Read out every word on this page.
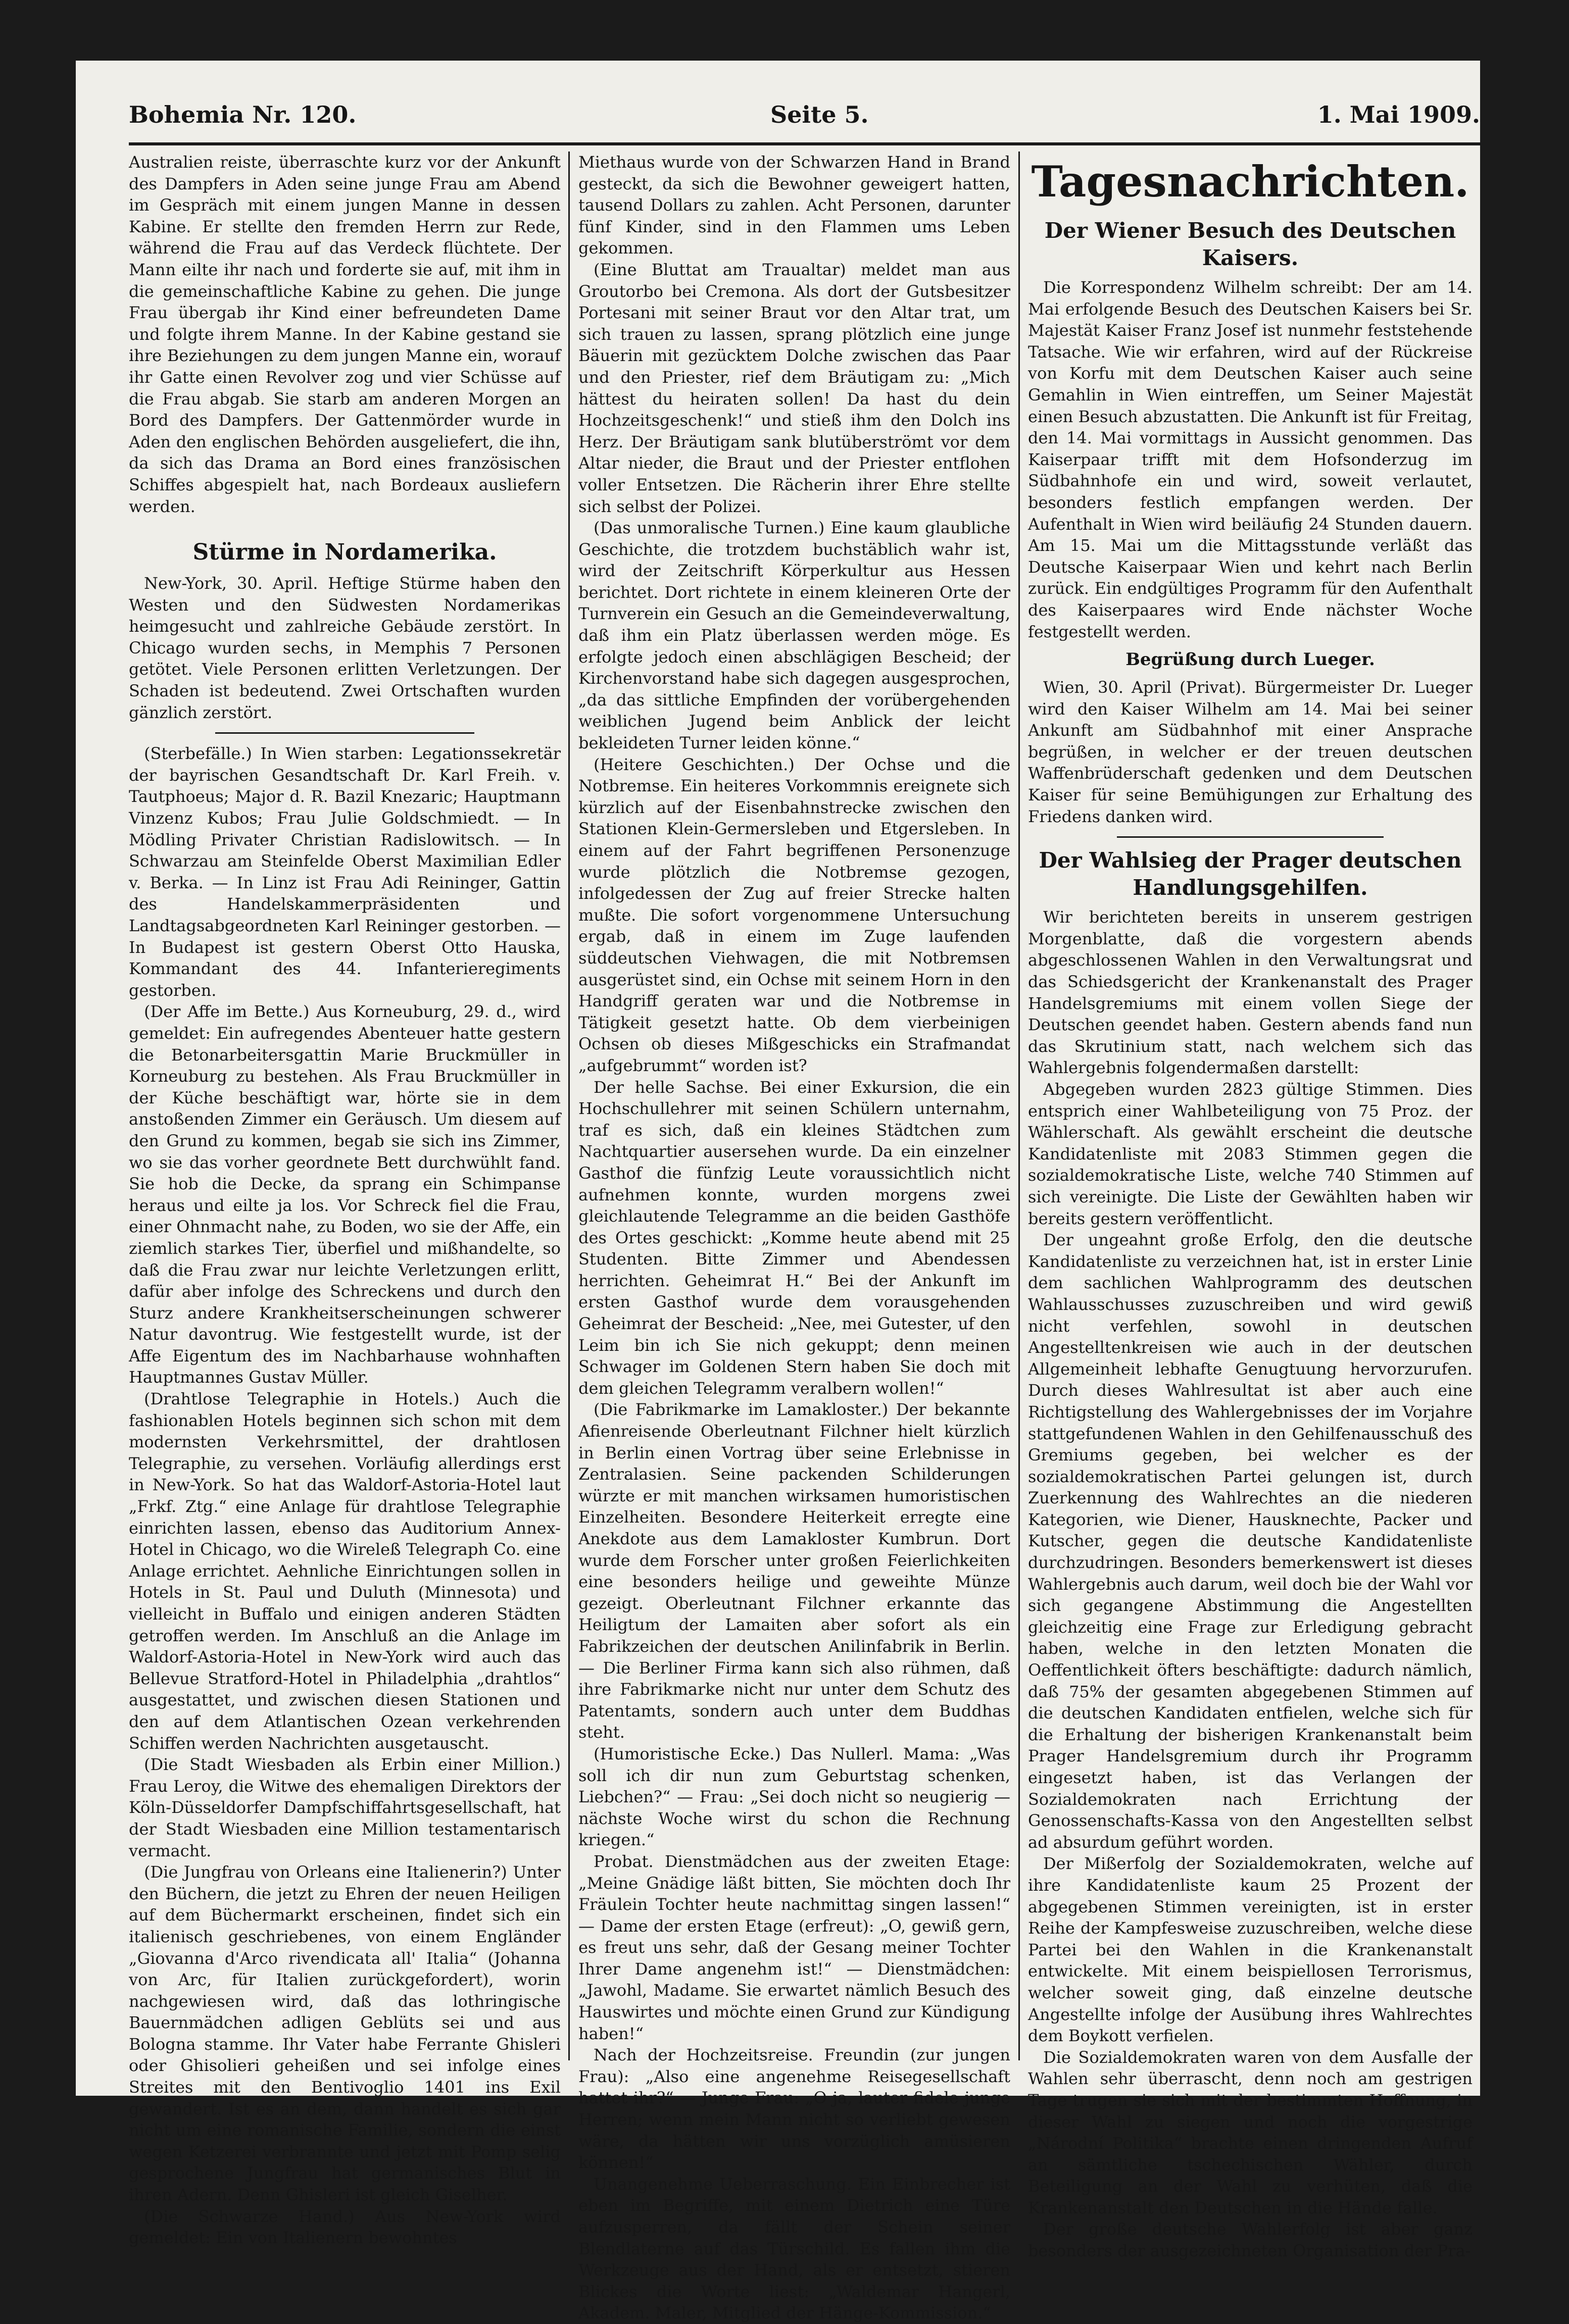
Bohemia Nr. 120.	Seite 5.	1. Mai 1909.

Australien reiste, überraschte kurz vor der Ankunft des Dampfers in Aden seine junge Frau am Abend im Gespräch mit einem jungen Manne in dessen Kabine. Er stellte den fremden Herrn zur Rede, während die Frau auf das Verdeck flüchtete. Der Mann eilte ihr nach und forderte sie auf, mit ihm in die gemeinschaftliche Kabine zu gehen. Die junge Frau übergab ihr Kind einer befreundeten Dame und folgte ihrem Manne. In der Kabine gestand sie ihre Beziehungen zu dem jungen Manne ein, worauf ihr Gatte einen Revolver zog und vier Schüsse auf die Frau abgab. Sie starb am anderen Morgen an Bord des Dampfers. Der Gattenmörder wurde in Aden den englischen Behörden ausgeliefert, die ihn, da sich das Drama an Bord eines französischen Schiffes abgespielt hat, nach Bordeaux ausliefern werden.

Stürme in Nordamerika.

New-York, 30. April. Heftige Stürme haben den Westen und den Südwesten Nordamerikas heimgesucht und zahlreiche Gebäude zerstört. In Chicago wurden sechs, in Memphis 7 Personen getötet. Viele Personen erlitten Verletzungen. Der Schaden ist bedeutend. Zwei Ortschaften wurden gänzlich zerstört.

(Sterbefälle.) In Wien starben: Legationssekretär der bayrischen Gesandtschaft Dr. Karl Freih. v. Tautphoeus; Major d. R. Bazil Knezaric; Hauptmann Vinzenz Kubos; Frau Julie Goldschmiedt. — In Mödling Privater Christian Radislowitsch. — In Schwarzau am Steinfelde Oberst Maximilian Edler v. Berka. — In Linz ist Frau Adi Reininger, Gattin des Handelskammerpräsidenten und Landtagsabgeordneten Karl Reininger gestorben. — In Budapest ist gestern Oberst Otto Hauska, Kommandant des 44. Infanterieregiments gestorben.

(Der Affe im Bette.) Aus Korneuburg, 29. d., wird gemeldet: Ein aufregendes Abenteuer hatte gestern die Betonarbeitersgattin Marie Bruckmüller in Korneuburg zu bestehen. Als Frau Bruckmüller in der Küche beschäftigt war, hörte sie in dem anstoßenden Zimmer ein Geräusch. Um diesem auf den Grund zu kommen, begab sie sich ins Zimmer, wo sie das vorher geordnete Bett durchwühlt fand. Sie hob die Decke, da sprang ein Schimpanse heraus und eilte ja los. Vor Schreck fiel die Frau, einer Ohnmacht nahe, zu Boden, wo sie der Affe, ein ziemlich starkes Tier, überfiel und mißhandelte, so daß die Frau zwar nur leichte Verletzungen erlitt, dafür aber infolge des Schreckens und durch den Sturz andere Krankheitserscheinungen schwerer Natur davontrug. Wie festgestellt wurde, ist der Affe Eigentum des im Nachbarhause wohnhaften Hauptmannes Gustav Müller.

(Drahtlose Telegraphie in Hotels.) Auch die fashionablen Hotels beginnen sich schon mit dem modernsten Verkehrsmittel, der drahtlosen Telegraphie, zu versehen. Vorläufig allerdings erst in New-York. So hat das Waldorf-Astoria-Hotel laut „Frkf. Ztg.“ eine Anlage für drahtlose Telegraphie einrichten lassen, ebenso das Auditorium Annex-Hotel in Chicago, wo die Wireleß Telegraph Co. eine Anlage errichtet. Aehnliche Einrichtungen sollen in Hotels in St. Paul und Duluth (Minnesota) und vielleicht in Buffalo und einigen anderen Städten getroffen werden. Im Anschluß an die Anlage im Waldorf-Astoria-Hotel in New-York wird auch das Bellevue Stratford-Hotel in Philadelphia „drahtlos“ ausgestattet, und zwischen diesen Stationen und den auf dem Atlantischen Ozean verkehrenden Schiffen werden Nachrichten ausgetauscht.

(Die Stadt Wiesbaden als Erbin einer Million.) Frau Leroy, die Witwe des ehemaligen Direktors der Köln-Düsseldorfer Dampfschiffahrtsgesellschaft, hat der Stadt Wiesbaden eine Million testamentarisch vermacht.

(Die Jungfrau von Orleans eine Italienerin?) Unter den Büchern, die jetzt zu Ehren der neuen Heiligen auf dem Büchermarkt erscheinen, findet sich ein italienisch geschriebenes, von einem Engländer „Giovanna d'Arco rivendicata all' Italia“ (Johanna von Arc, für Italien zurückgefordert), worin nachgewiesen wird, daß das lothringische Bauernmädchen adligen Geblüts sei und aus Bologna stamme. Ihr Vater habe Ferrante Ghisleri oder Ghisolieri geheißen und sei infolge eines Streites mit den Bentivoglio 1401 ins Exil gewandert. Ist es an dem, dann handelt es sich gar nicht um eine romanische Familie, sondern die einst wegen Ketzerei verbrannte und jetzt mit Pomp selig gesprochene Jungfrau hat germanisches Blut in ihren Adern. Denn Ghisleri ist gleich Giselher.

(Die Schwarze Hand.) Aus New-York wird gemeldet: Ein von Italienern bewohntes

Miethaus wurde von der Schwarzen Hand in Brand gesteckt, da sich die Bewohner geweigert hatten, tausend Dollars zu zahlen. Acht Personen, darunter fünf Kinder, sind in den Flammen ums Leben gekommen.

(Eine Bluttat am Traualtar) meldet man aus Groutorbo bei Cremona. Als dort der Gutsbesitzer Portesani mit seiner Braut vor den Altar trat, um sich trauen zu lassen, sprang plötzlich eine junge Bäuerin mit gezücktem Dolche zwischen das Paar und den Priester, rief dem Bräutigam zu: „Mich hättest du heiraten sollen! Da hast du dein Hochzeitsgeschenk!“ und stieß ihm den Dolch ins Herz. Der Bräutigam sank blutüberströmt vor dem Altar nieder, die Braut und der Priester entflohen voller Entsetzen. Die Rächerin ihrer Ehre stellte sich selbst der Polizei.

(Das unmoralische Turnen.) Eine kaum glaubliche Geschichte, die trotzdem buchstäblich wahr ist, wird der Zeitschrift Körperkultur aus Hessen berichtet. Dort richtete in einem kleineren Orte der Turnverein ein Gesuch an die Gemeindeverwaltung, daß ihm ein Platz überlassen werden möge. Es erfolgte jedoch einen abschlägigen Bescheid; der Kirchenvorstand habe sich dagegen ausgesprochen, „da das sittliche Empfinden der vorübergehenden weiblichen Jugend beim Anblick der leicht bekleideten Turner leiden könne.“

(Heitere Geschichten.) Der Ochse und die Notbremse. Ein heiteres Vorkommnis ereignete sich kürzlich auf der Eisenbahnstrecke zwischen den Stationen Klein-Germersleben und Etgersleben. In einem auf der Fahrt begriffenen Personenzuge wurde plötzlich die Notbremse gezogen, infolgedessen der Zug auf freier Strecke halten mußte. Die sofort vorgenommene Untersuchung ergab, daß in einem im Zuge laufenden süddeutschen Viehwagen, die mit Notbremsen ausgerüstet sind, ein Ochse mit seinem Horn in den Handgriff geraten war und die Notbremse in Tätigkeit gesetzt hatte. Ob dem vierbeinigen Ochsen ob dieses Mißgeschicks ein Strafmandat „aufgebrummt“ worden ist?

Der helle Sachse. Bei einer Exkursion, die ein Hochschullehrer mit seinen Schülern unternahm, traf es sich, daß ein kleines Städtchen zum Nachtquartier ausersehen wurde. Da ein einzelner Gasthof die fünfzig Leute voraussichtlich nicht aufnehmen konnte, wurden morgens zwei gleichlautende Telegramme an die beiden Gasthöfe des Ortes geschickt: „Komme heute abend mit 25 Studenten. Bitte Zimmer und Abendessen herrichten. Geheimrat H.“ Bei der Ankunft im ersten Gasthof wurde dem vorausgehenden Geheimrat der Bescheid: „Nee, mei Gutester, uf den Leim bin ich Sie nich gekuppt; denn meinen Schwager im Goldenen Stern haben Sie doch mit dem gleichen Telegramm veralbern wollen!“

(Die Fabrikmarke im Lamakloster.) Der bekannte Afienreisende Oberleutnant Filchner hielt kürzlich in Berlin einen Vortrag über seine Erlebnisse in Zentralasien. Seine packenden Schilderungen würzte er mit manchen wirksamen humoristischen Einzelheiten. Besondere Heiterkeit erregte eine Anekdote aus dem Lamakloster Kumbrun. Dort wurde dem Forscher unter großen Feierlichkeiten eine besonders heilige und geweihte Münze gezeigt. Oberleutnant Filchner erkannte das Heiligtum der Lamaiten aber sofort als ein Fabrikzeichen der deutschen Anilinfabrik in Berlin. — Die Berliner Firma kann sich also rühmen, daß ihre Fabrikmarke nicht nur unter dem Schutz des Patentamts, sondern auch unter dem Buddhas steht.

(Humoristische Ecke.) Das Nullerl. Mama: „Was soll ich dir nun zum Geburtstag schenken, Liebchen?“ — Frau: „Sei doch nicht so neugierig — nächste Woche wirst du schon die Rechnung kriegen.“

Probat. Dienstmädchen aus der zweiten Etage: „Meine Gnädige läßt bitten, Sie möchten doch Ihr Fräulein Tochter heute nachmittag singen lassen!“ — Dame der ersten Etage (erfreut): „O, gewiß gern, es freut uns sehr, daß der Gesang meiner Tochter Ihrer Dame angenehm ist!“ — Dienstmädchen: „Jawohl, Madame. Sie erwartet nämlich Besuch des Hauswirtes und möchte einen Grund zur Kündigung haben!“

Nach der Hochzeitsreise. Freundin (zur jungen Frau): „Also eine angenehme Reisegesellschaft hattet ihr?“ — Junge Frau: „O ja, lauter fidele junge Herren; wenn mein Mann nicht so verliebt gewesen wäre, da hätten wir uns vorzüglich amüsieren können!“

Unangenehme Ueberraschung. Ein Einbrecher ist eben im Begriffe, mit einem Dietrich eine Türe aufzusperren, da fällt der Schein seiner Blendlaterne auf das Türschild. Es fallen ihm die Werkzeuge aus der Hand, als er entsetzt, stieren Blickes die Worte liest: „Waldemar Hangerl, Akadem. Maler, Mitglied der Hänge-Kommission.“

Tagesnachrichten.
Der Wiener Besuch des Deutschen Kaisers.

Die Korrespondenz Wilhelm schreibt: Der am 14. Mai erfolgende Besuch des Deutschen Kaisers bei Sr. Majestät Kaiser Franz Josef ist nunmehr feststehende Tatsache. Wie wir erfahren, wird auf der Rückreise von Korfu mit dem Deutschen Kaiser auch seine Gemahlin in Wien eintreffen, um Seiner Majestät einen Besuch abzustatten. Die Ankunft ist für Freitag, den 14. Mai vormittags in Aussicht genommen. Das Kaiserpaar trifft mit dem Hofsonderzug im Südbahnhofe ein und wird, soweit verlautet, besonders festlich empfangen werden. Der Aufenthalt in Wien wird beiläufig 24 Stunden dauern. Am 15. Mai um die Mittagsstunde verläßt das Deutsche Kaiserpaar Wien und kehrt nach Berlin zurück. Ein endgültiges Programm für den Aufenthalt des Kaiserpaares wird Ende nächster Woche festgestellt werden.

Begrüßung durch Lueger.

Wien, 30. April (Privat). Bürgermeister Dr. Lueger wird den Kaiser Wilhelm am 14. Mai bei seiner Ankunft am Südbahnhof mit einer Ansprache begrüßen, in welcher er der treuen deutschen Waffenbrüderschaft gedenken und dem Deutschen Kaiser für seine Bemühigungen zur Erhaltung des Friedens danken wird.

Der Wahlsieg der Prager deutschen Handlungsgehilfen.

Wir berichteten bereits in unserem gestrigen Morgenblatte, daß die vorgestern abends abgeschlossenen Wahlen in den Verwaltungsrat und das Schiedsgericht der Krankenanstalt des Prager Handelsgremiums mit einem vollen Siege der Deutschen geendet haben. Gestern abends fand nun das Skrutinium statt, nach welchem sich das Wahlergebnis folgendermaßen darstellt:

Abgegeben wurden 2823 gültige Stimmen. Dies entsprich einer Wahlbeteiligung von 75 Proz. der Wählerschaft. Als gewählt erscheint die deutsche Kandidatenliste mit 2083 Stimmen gegen die sozialdemokratische Liste, welche 740 Stimmen auf sich vereinigte. Die Liste der Gewählten haben wir bereits gestern veröffentlicht.

Der ungeahnt große Erfolg, den die deutsche Kandidatenliste zu verzeichnen hat, ist in erster Linie dem sachlichen Wahlprogramm des deutschen Wahlausschusses zuzuschreiben und wird gewiß nicht verfehlen, sowohl in deutschen Angestelltenkreisen wie auch in der deutschen Allgemeinheit lebhafte Genugtuung hervorzurufen. Durch dieses Wahlresultat ist aber auch eine Richtigstellung des Wahlergebnisses der im Vorjahre stattgefundenen Wahlen in den Gehilfenausschuß des Gremiums gegeben, bei welcher es der sozialdemokratischen Partei gelungen ist, durch Zuerkennung des Wahlrechtes an die niederen Kategorien, wie Diener, Hausknechte, Packer und Kutscher, gegen die deutsche Kandidatenliste durchzudringen. Besonders bemerkenswert ist dieses Wahlergebnis auch darum, weil doch bie der Wahl vor sich gegangene Abstimmung die Angestellten gleichzeitig eine Frage zur Erledigung gebracht haben, welche in den letzten Monaten die Oeffentlichkeit öfters beschäftigte: dadurch nämlich, daß 75% der gesamten abgegebenen Stimmen auf die deutschen Kandidaten entfielen, welche sich für die Erhaltung der bisherigen Krankenanstalt beim Prager Handelsgremium durch ihr Programm eingesetzt haben, ist das Verlangen der Sozialdemokraten nach Errichtung der Genossenschafts-Kassa von den Angestellten selbst ad absurdum geführt worden.

Der Mißerfolg der Sozialdemokraten, welche auf ihre Kandidatenliste kaum 25 Prozent der abgegebenen Stimmen vereinigten, ist in erster Reihe der Kampfesweise zuzuschreiben, welche diese Partei bei den Wahlen in die Krankenanstalt entwickelte. Mit einem beispiellosen Terrorismus, welcher soweit ging, daß einzelne deutsche Angestellte infolge der Ausübung ihres Wahlrechtes dem Boykott verfielen.

Die Sozialdemokraten waren von dem Ausfalle der Wahlen sehr überrascht, denn noch am gestrigen Tage trugen sie sich mit der bestimmten Hoffnung, in dieser Wahl zu siegen und noch die vorgestrige „Národní Politika“ brachte einen dringenden Aufruf an sämtliche tschechischen Wähler, durch Beteiligung an der Wahl zu verhüten, daß die Krankenanstalt den Deutschen in die Hände falle.

Der große deutsche Wahlerfolg ist aber ganz besonders der ausgezeichneten Organisation der Pra-
